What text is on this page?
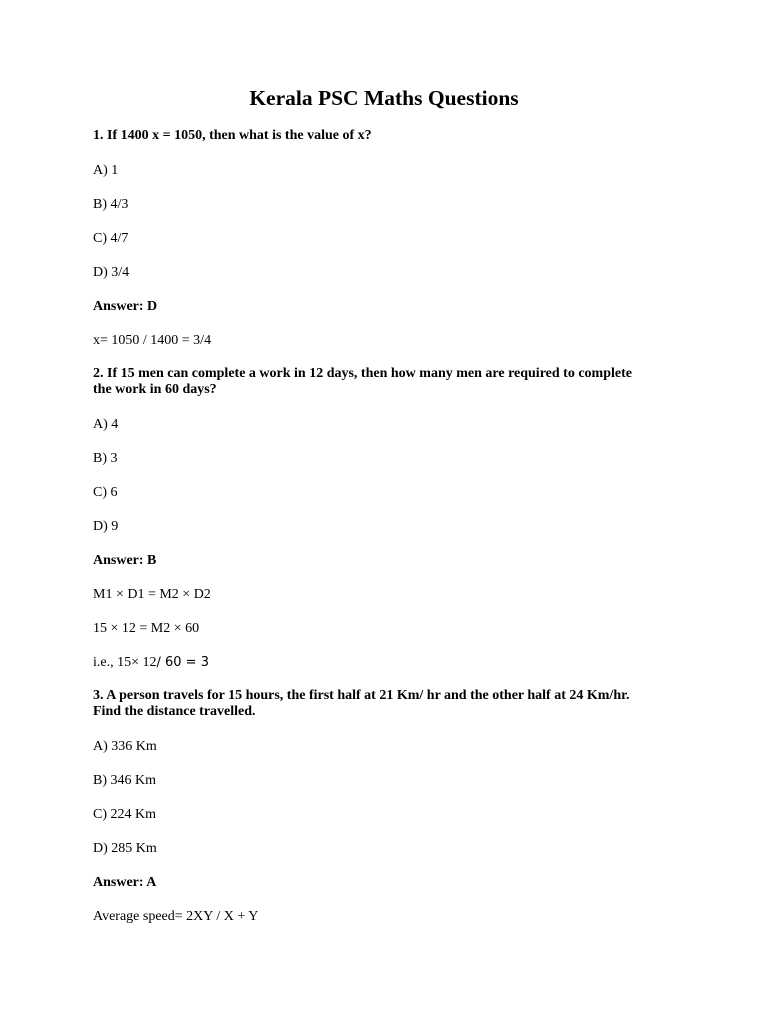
Kerala PSC Maths Questions

1. If 1400 x = 1050, then what is the value of x?

A) 1

B) 4/3

C) 4/7

D) 3/4

Answer: D

x= 1050 / 1400 = 3/4

2. If 15 men can complete a work in 12 days, then how many men are required to complete the work in 60 days?

A) 4

B) 3

C) 6

D) 9

Answer: B

M1 × D1 = M2 × D2

15 × 12 = M2 × 60

i.e., 15× 12∕ 60 = 3

3. A person travels for 15 hours, the first half at 21 Km/ hr and the other half at 24 Km/hr. Find the distance travelled.

A) 336 Km

B) 346 Km

C) 224 Km

D) 285 Km

Answer: A

Average speed= 2XY / X + Y
